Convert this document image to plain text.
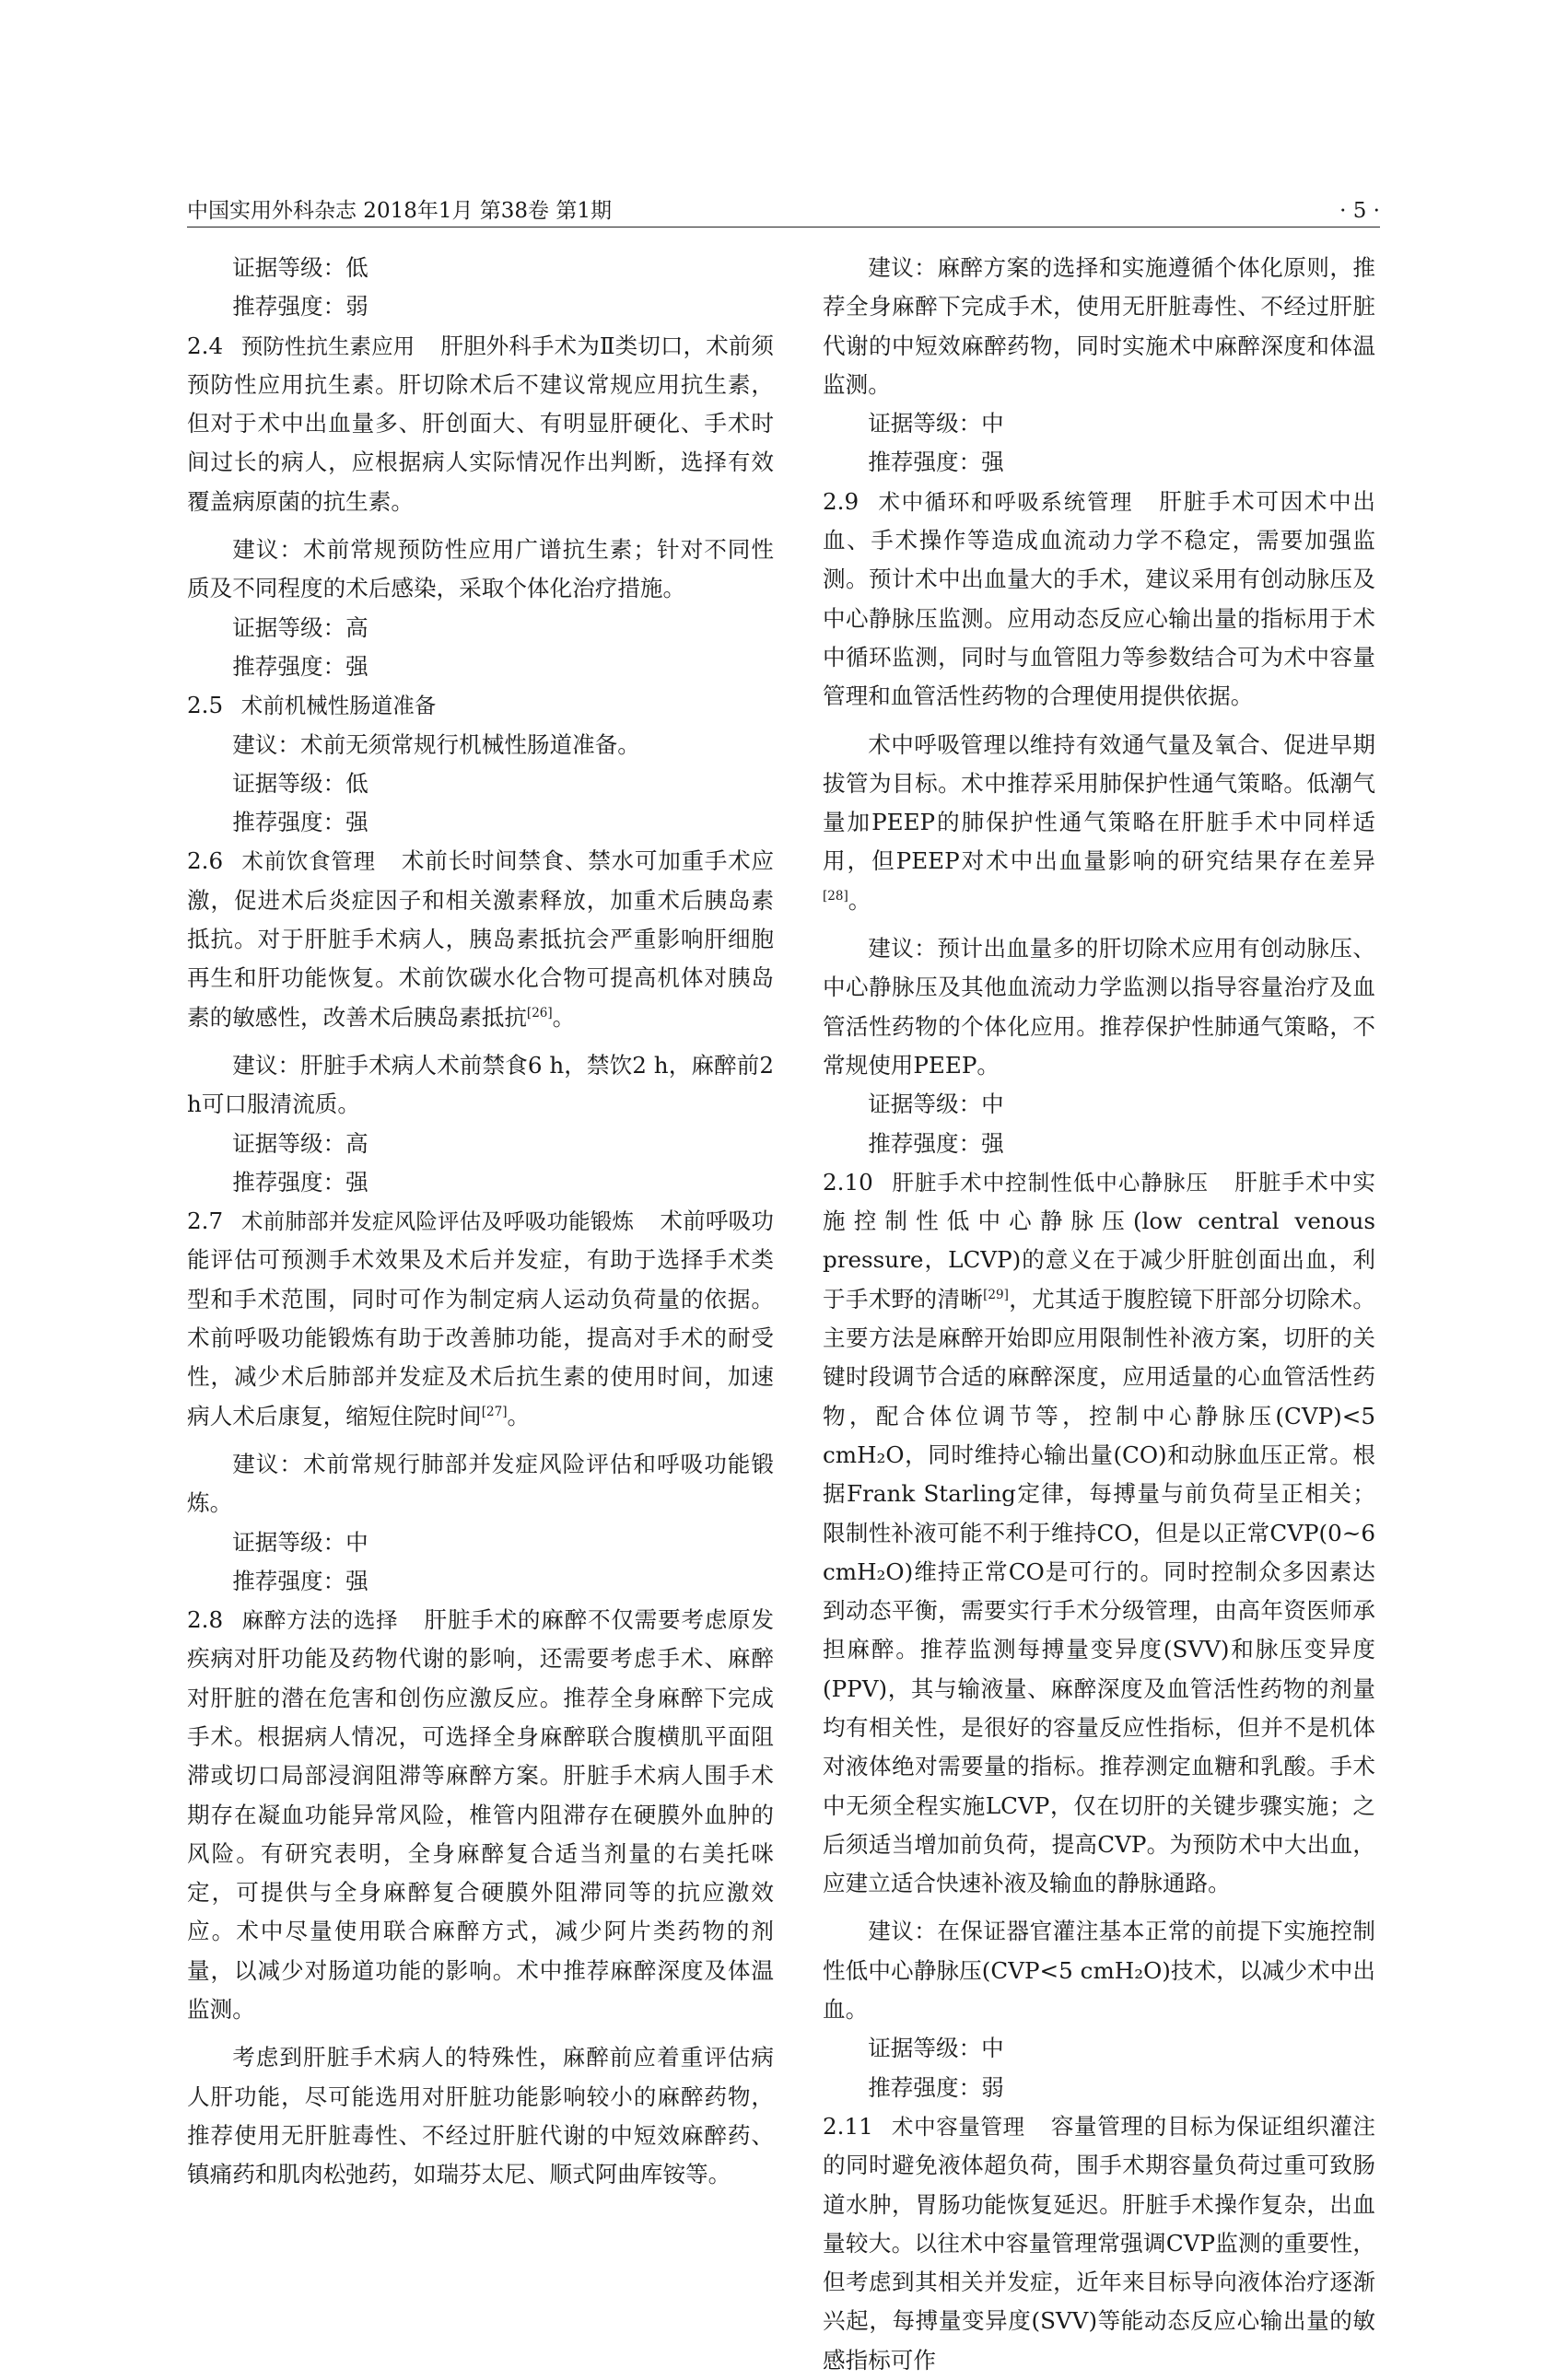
中国实用外科杂志 2018年1月 第38卷 第1期	· 5 ·

证据等级：低

推荐强度：弱

2.4 预防性抗生素应用 肝胆外科手术为Ⅱ类切口，术前须预防性应用抗生素。肝切除术后不建议常规应用抗生素，但对于术中出血量多、肝创面大、有明显肝硬化、手术时间过长的病人，应根据病人实际情况作出判断，选择有效覆盖病原菌的抗生素。

建议：术前常规预防性应用广谱抗生素；针对不同性质及不同程度的术后感染，采取个体化治疗措施。

证据等级：高

推荐强度：强

2.5 术前机械性肠道准备

建议：术前无须常规行机械性肠道准备。

证据等级：低

推荐强度：强

2.6 术前饮食管理 术前长时间禁食、禁水可加重手术应激，促进术后炎症因子和相关激素释放，加重术后胰岛素抵抗。对于肝脏手术病人，胰岛素抵抗会严重影响肝细胞再生和肝功能恢复。术前饮碳水化合物可提高机体对胰岛素的敏感性，改善术后胰岛素抵抗[26]。

建议：肝脏手术病人术前禁食6 h，禁饮2 h，麻醉前2 h可口服清流质。

证据等级：高

推荐强度：强

2.7 术前肺部并发症风险评估及呼吸功能锻炼 术前呼吸功能评估可预测手术效果及术后并发症，有助于选择手术类型和手术范围，同时可作为制定病人运动负荷量的依据。术前呼吸功能锻炼有助于改善肺功能，提高对手术的耐受性，减少术后肺部并发症及术后抗生素的使用时间，加速病人术后康复，缩短住院时间[27]。

建议：术前常规行肺部并发症风险评估和呼吸功能锻炼。

证据等级：中

推荐强度：强

2.8 麻醉方法的选择 肝脏手术的麻醉不仅需要考虑原发疾病对肝功能及药物代谢的影响，还需要考虑手术、麻醉对肝脏的潜在危害和创伤应激反应。推荐全身麻醉下完成手术。根据病人情况，可选择全身麻醉联合腹横肌平面阻滞或切口局部浸润阻滞等麻醉方案。肝脏手术病人围手术期存在凝血功能异常风险，椎管内阻滞存在硬膜外血肿的风险。有研究表明，全身麻醉复合适当剂量的右美托咪定，可提供与全身麻醉复合硬膜外阻滞同等的抗应激效应。术中尽量使用联合麻醉方式，减少阿片类药物的剂量，以减少对肠道功能的影响。术中推荐麻醉深度及体温监测。

考虑到肝脏手术病人的特殊性，麻醉前应着重评估病人肝功能，尽可能选用对肝脏功能影响较小的麻醉药物，推荐使用无肝脏毒性、不经过肝脏代谢的中短效麻醉药、镇痛药和肌肉松弛药，如瑞芬太尼、顺式阿曲库铵等。

建议：麻醉方案的选择和实施遵循个体化原则，推荐全身麻醉下完成手术，使用无肝脏毒性、不经过肝脏代谢的中短效麻醉药物，同时实施术中麻醉深度和体温监测。

证据等级：中

推荐强度：强

2.9 术中循环和呼吸系统管理 肝脏手术可因术中出血、手术操作等造成血流动力学不稳定，需要加强监测。预计术中出血量大的手术，建议采用有创动脉压及中心静脉压监测。应用动态反应心输出量的指标用于术中循环监测，同时与血管阻力等参数结合可为术中容量管理和血管活性药物的合理使用提供依据。

术中呼吸管理以维持有效通气量及氧合、促进早期拔管为目标。术中推荐采用肺保护性通气策略。低潮气量加PEEP的肺保护性通气策略在肝脏手术中同样适用，但PEEP对术中出血量影响的研究结果存在差异[28]。

建议：预计出血量多的肝切除术应用有创动脉压、中心静脉压及其他血流动力学监测以指导容量治疗及血管活性药物的个体化应用。推荐保护性肺通气策略，不常规使用PEEP。

证据等级：中

推荐强度：强

2.10 肝脏手术中控制性低中心静脉压 肝脏手术中实施控制性低中心静脉压(low central venous pressure，LCVP)的意义在于减少肝脏创面出血，利于手术野的清晰[29]，尤其适于腹腔镜下肝部分切除术。主要方法是麻醉开始即应用限制性补液方案，切肝的关键时段调节合适的麻醉深度，应用适量的心血管活性药物，配合体位调节等，控制中心静脉压(CVP)<5 cmH₂O，同时维持心输出量(CO)和动脉血压正常。根据Frank Starling定律，每搏量与前负荷呈正相关；限制性补液可能不利于维持CO，但是以正常CVP(0~6 cmH₂O)维持正常CO是可行的。同时控制众多因素达到动态平衡，需要实行手术分级管理，由高年资医师承担麻醉。推荐监测每搏量变异度(SVV)和脉压变异度(PPV)，其与输液量、麻醉深度及血管活性药物的剂量均有相关性，是很好的容量反应性指标，但并不是机体对液体绝对需要量的指标。推荐测定血糖和乳酸。手术中无须全程实施LCVP，仅在切肝的关键步骤实施；之后须适当增加前负荷，提高CVP。为预防术中大出血，应建立适合快速补液及输血的静脉通路。

建议：在保证器官灌注基本正常的前提下实施控制性低中心静脉压(CVP<5 cmH₂O)技术，以减少术中出血。

证据等级：中

推荐强度：弱

2.11 术中容量管理 容量管理的目标为保证组织灌注的同时避免液体超负荷，围手术期容量负荷过重可致肠道水肿，胃肠功能恢复延迟。肝脏手术操作复杂，出血量较大。以往术中容量管理常强调CVP监测的重要性，但考虑到其相关并发症，近年来目标导向液体治疗逐渐兴起，每搏量变异度(SVV)等能动态反应心输出量的敏感指标可作
